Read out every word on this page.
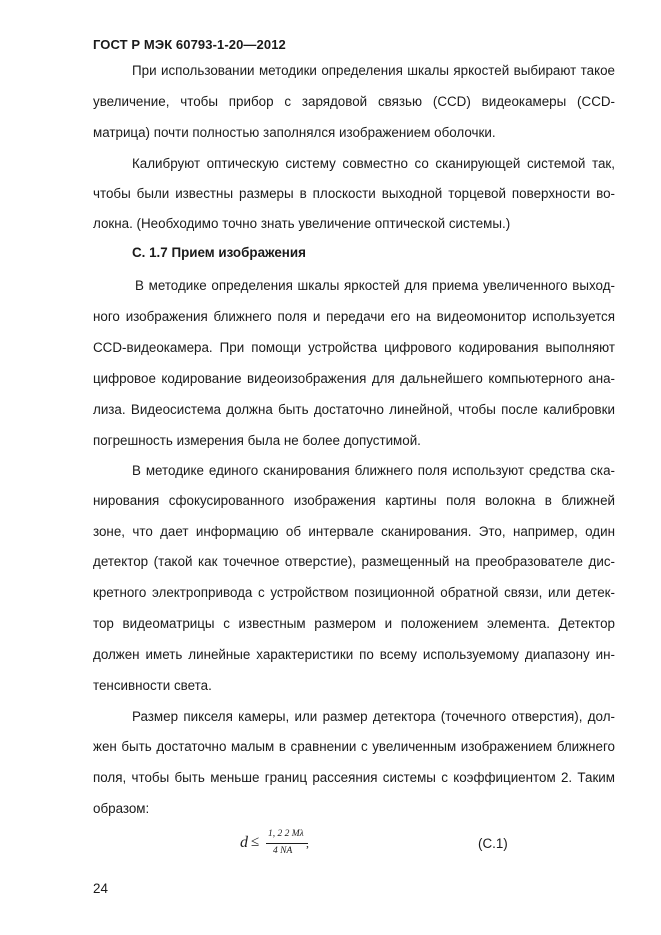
ГОСТ Р МЭК 60793-1-20—2012
При использовании методики определения шкалы яркостей выбирают такое
увеличение, чтобы прибор с зарядовой связью (CCD) видеокамеры (CCD-
матрица) почти полностью заполнялся изображением оболочки.
Калибруют оптическую систему совместно со сканирующей системой так,
чтобы были известны размеры в плоскости выходной торцевой поверхности во-
локна. (Необходимо точно знать увеличение оптической системы.)
С. 1.7 Прием изображения
В методике определения шкалы яркостей для приема увеличенного выход-
ного изображения ближнего поля и передачи его на видеомонитор используется
CCD-видеокамера. При помощи устройства цифрового кодирования выполняют
цифровое кодирование видеоизображения для дальнейшего компьютерного ана-
лиза. Видеосистема должна быть достаточно линейной, чтобы после калибровки
погрешность измерения была не более допустимой.
В методике единого сканирования ближнего поля используют средства ска-
нирования сфокусированного изображения картины поля волокна в ближней
зоне, что дает информацию об интервале сканирования. Это, например, один
детектор (такой как точечное отверстие), размещенный на преобразователе дис-
кретного электропривода с устройством позиционной обратной связи, или детек-
тор видеоматрицы с известным размером и положением элемента. Детектор
должен иметь линейные характеристики по всему используемому диапазону ин-
тенсивности света.
Размер пикселя камеры, или размер детектора (точечного отверстия), дол-
жен быть достаточно малым в сравнении с увеличенным изображением ближнего
поля, чтобы быть меньше границ рассеяния системы с коэффициентом 2. Таким
образом:
d ≤ 1, 2 2 Mλ
4 NA
,	(С.1)
24
